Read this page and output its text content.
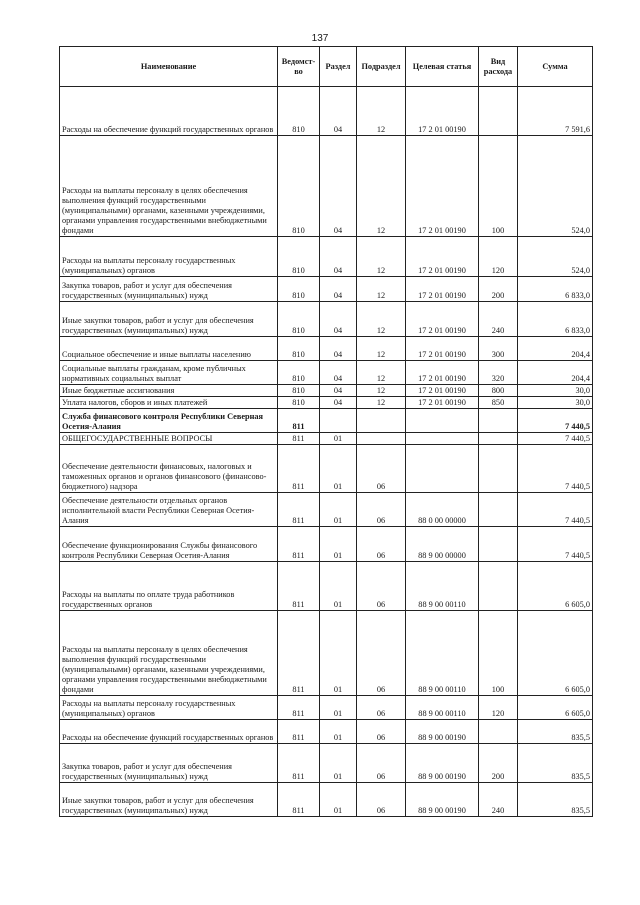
137
Наименование	Ведомст-во	Раздел	Подраздел	Целевая статья	Вид расхода	Сумма
Расходы на обеспечение функций государственных органов	810	04	12	17 2 01 00190		7 591,6
Расходы на выплаты персоналу в целях обеспечения выполнения функций государственными (муниципальными) органами, казенными учреждениями, органами управления государственными внебюджетными фондами	810	04	12	17 2 01 00190	100	524,0
Расходы на выплаты персоналу государственных (муниципальных) органов	810	04	12	17 2 01 00190	120	524,0
Закупка товаров, работ и услуг для обеспечения государственных (муниципальных) нужд	810	04	12	17 2 01 00190	200	6 833,0
Иные закупки товаров, работ и услуг для обеспечения государственных (муниципальных) нужд	810	04	12	17 2 01 00190	240	6 833,0
Социальное обеспечение и иные выплаты населению	810	04	12	17 2 01 00190	300	204,4
Социальные выплаты гражданам, кроме публичных нормативных социальных выплат	810	04	12	17 2 01 00190	320	204,4
Иные бюджетные ассигнования	810	04	12	17 2 01 00190	800	30,0
Уплата налогов, сборов и иных платежей	810	04	12	17 2 01 00190	850	30,0
Служба финансового контроля Республики Северная Осетия-Алания	811					7 440,5
ОБЩЕГОСУДАРСТВЕННЫЕ ВОПРОСЫ	811	01				7 440,5
Обеспечение деятельности финансовых, налоговых и таможенных органов и органов финансового (финансово-бюджетного) надзора	811	01	06			7 440,5
Обеспечение деятельности отдельных органов исполнительной власти Республики Северная Осетия-Алания	811	01	06	88 0 00 00000		7 440,5
Обеспечение функционирования Службы финансового контроля Республики Северная Осетия-Алания	811	01	06	88 9 00 00000		7 440,5
Расходы на выплаты по оплате труда работников государственных органов	811	01	06	88 9 00 00110		6 605,0
Расходы на выплаты персоналу в целях обеспечения выполнения функций государственными (муниципальными) органами, казенными учреждениями, органами управления государственными внебюджетными фондами	811	01	06	88 9 00 00110	100	6 605,0
Расходы на выплаты персоналу государственных (муниципальных) органов	811	01	06	88 9 00 00110	120	6 605,0
Расходы на обеспечение функций государственных органов	811	01	06	88 9 00 00190		835,5
Закупка товаров, работ и услуг для обеспечения государственных (муниципальных) нужд	811	01	06	88 9 00 00190	200	835,5
Иные закупки товаров, работ и услуг для обеспечения государственных (муниципальных) нужд	811	01	06	88 9 00 00190	240	835,5
